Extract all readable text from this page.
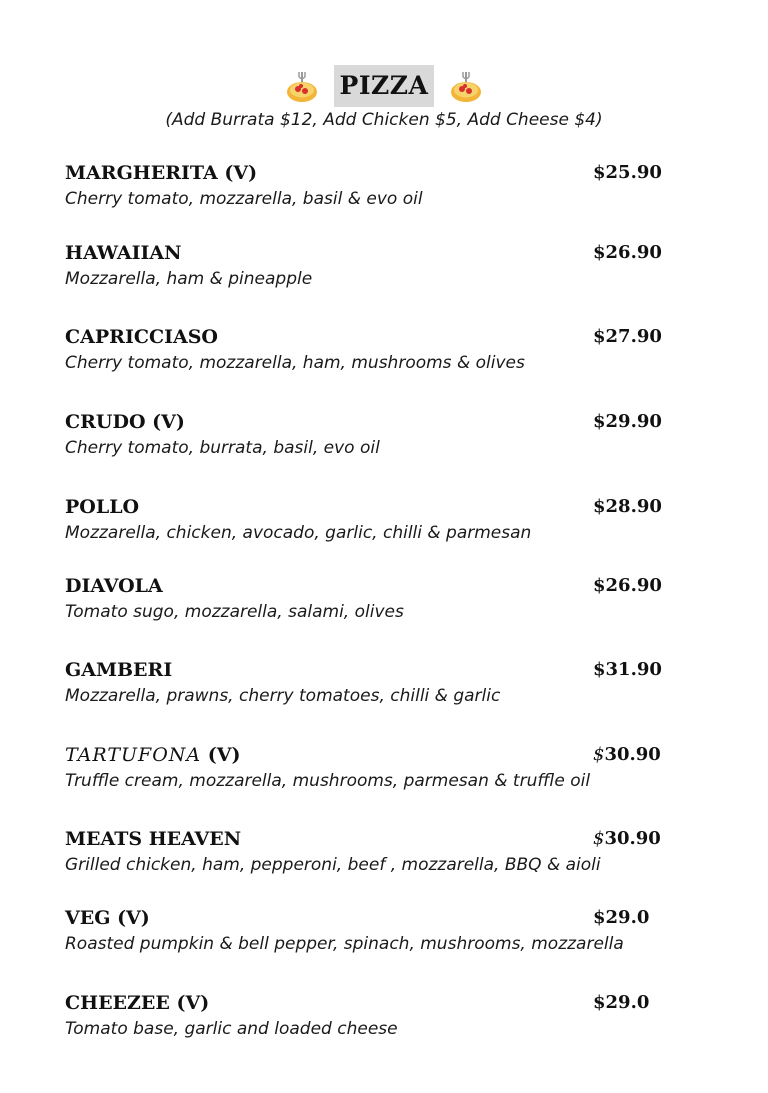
PIZZA
(Add Burrata $12, Add Chicken $5, Add Cheese $4)
MARGHERITA (V)	$25.90
Cherry tomato, mozzarella, basil & evo oil
HAWAIIAN	$26.90
Mozzarella, ham & pineapple
CAPRICCIASO	$27.90
Cherry tomato, mozzarella, ham, mushrooms & olives
CRUDO (V)	$29.90
Cherry tomato, burrata, basil, evo oil
POLLO	$28.90
Mozzarella, chicken, avocado, garlic, chilli & parmesan
DIAVOLA	$26.90
Tomato sugo, mozzarella, salami, olives
GAMBERI	$31.90
Mozzarella, prawns, cherry tomatoes, chilli & garlic
TARTUFONA (V)	$30.90
Truffle cream, mozzarella, mushrooms, parmesan & truffle oil
MEATS HEAVEN	$30.90
Grilled chicken, ham, pepperoni, beef , mozzarella, BBQ & aioli
VEG (V)	$29.0
Roasted pumpkin & bell pepper, spinach, mushrooms, mozzarella
CHEEZEE (V)	$29.0
Tomato base, garlic and loaded cheese
